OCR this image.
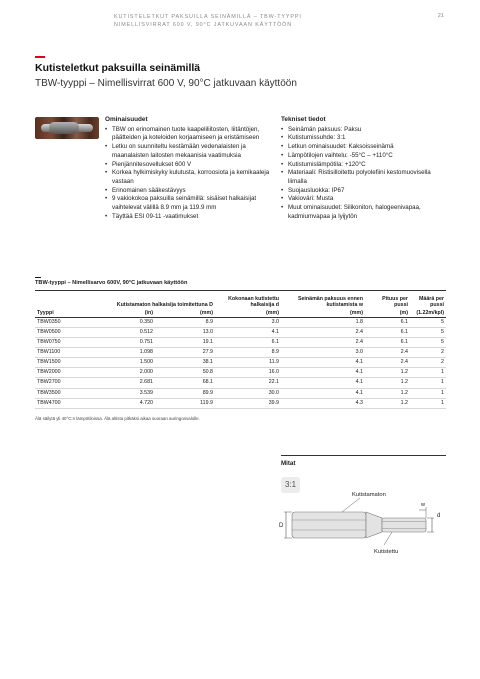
KUTISTELETKUT PAKSUILLA SEINÄMILLÄ – TBW-TYYPPI
NIMELLISVIRRAT 600 V, 90°C JATKUVAAN KÄYTTÖÖN
21
Kutisteletkut paksuilla seinämillä
TBW-tyyppi – Nimellisvirrat 600 V, 90°C jatkuvaan käyttöön
Ominaisuudet
• TBW on erinomainen tuote kaapeliliitosten, liitäntöjen, päätteiden ja koteloiden korjaamiseen ja eristämiseen
• Letku on suunniteltu kestämään vedenalaisten ja maanalaisten laitosten mekaanisia vaatimuksia
• Pienjännitesovellukset 600 V
• Korkea hylkimiskyky kulutusta, korroosiota ja kemikaaleja vastaan
• Erinomainen sääkestävyys
• 9 vakiokokoa paksuilla seinämillä: sisäiset halkaisijat vaihtelevat välillä 8.9 mm ja 119.9 mm
• Täyttää ESI 09-11 -vaatimukset
Tekniset tiedot
• Seinämän paksuus: Paksu
• Kutistumissuhde: 3:1
• Letkun ominaisuudet: Kaksoisseinämä
• Lämpötilojen vaihtelu: -55°C – +110°C
• Kutistumislämpötila: +120°C
• Materiaali: Ristisilloitettu polyolefiini kestomuovisella liimalla
• Suojausluokka: IP67
• Vakioväri: Musta
• Muut ominaisuudet: Silikoniton, halogeenivapaa, kadmiumvapaa ja lyijytön
TBW-tyyppi – Nimellisarvo 600V, 90°C jatkuvaan käyttöön
	Kutistamaton halkaisija toimitettuna D		Kokonaan kutistettu halkaisija d	Seinämän paksuus ennen kutistamista w	Pituus per pussi	Määrä per pussi
Tyyppi	(in)	(mm)	(mm)	(mm)	(m)	(1.22m/kpl)
TBW0350	0.350	8.9	3.0	1.8	6.1	5
TBW0500	0.512	13.0	4.1	2.4	6.1	5
TBW0750	0.751	19.1	6.1	2.4	6.1	5
TBW1100	1.098	27.9	8.9	3.0	2.4	2
TBW1500	1.500	38.1	11.9	4.1	2.4	2
TBW2000	2.000	50.8	16.0	4.1	1.2	1
TBW2700	2.681	68.1	22.1	4.1	1.2	1
TBW3500	3.539	89.9	30.0	4.1	1.2	1
TBW4700	4.720	119.9	39.9	4.3	1.2	1
Älä säilytä yli 40°C:n lämpötiloissa. Älä altista pitkäksi aikaa suoraan auringonvalolle.
Mitat
3:1
D
d
w
Kutistamaton
Kutistettu
